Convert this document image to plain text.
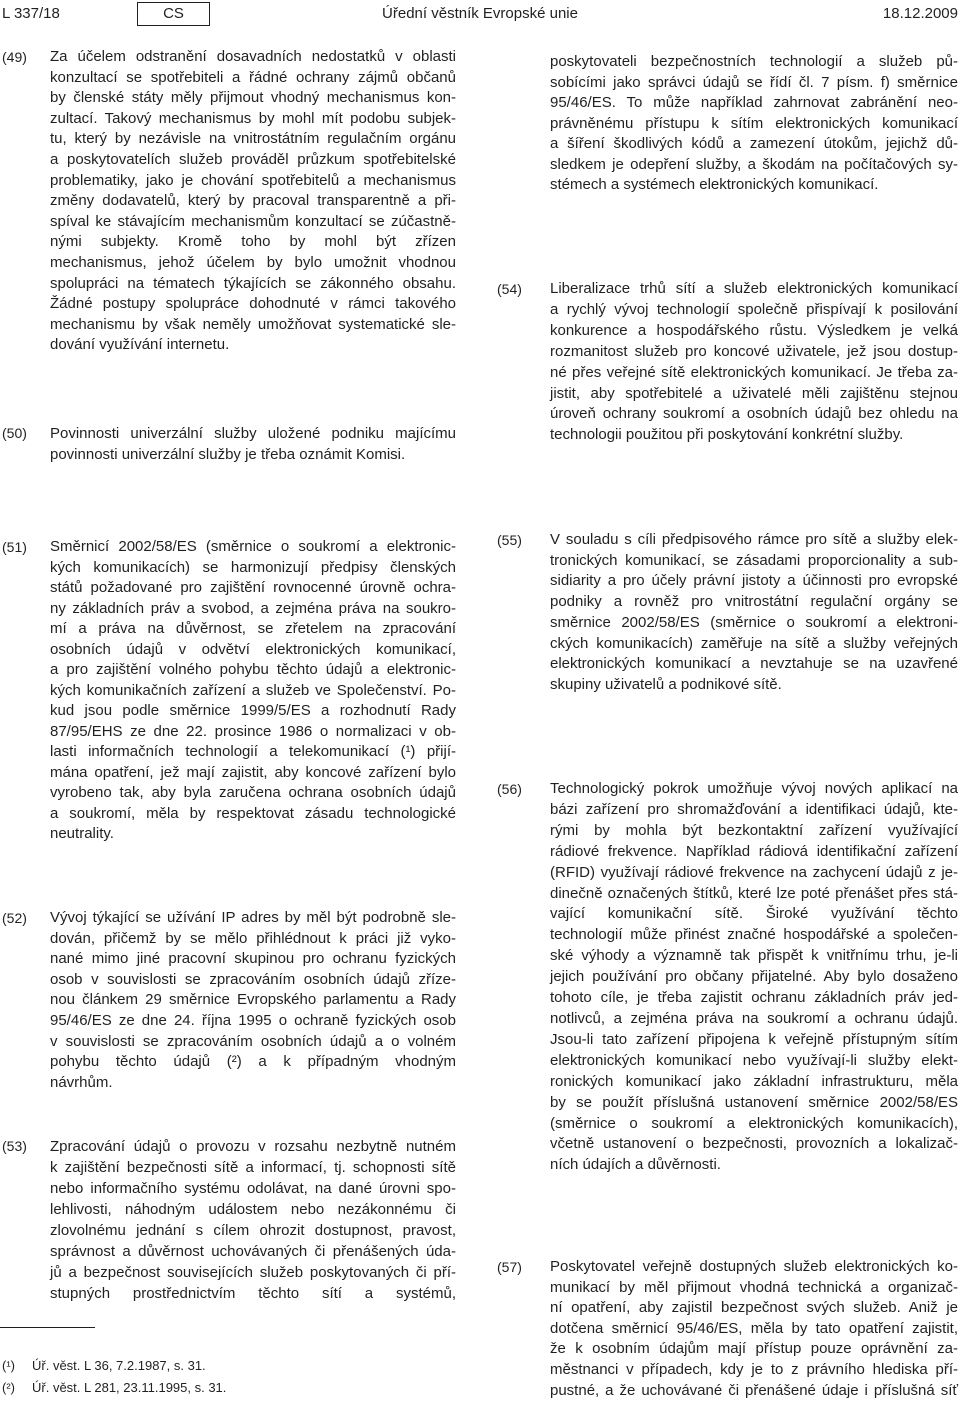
L 337/18	CS	Úřední věstník Evropské unie	18.12.2009
(49) Za účelem odstranění dosavadních nedostatků v oblasti
konzultací se spotřebiteli a řádné ochrany zájmů občanů
by členské státy měly přijmout vhodný mechanismus kon-
zultací. Takový mechanismus by mohl mít podobu subjek-
tu, který by nezávisle na vnitrostátním regulačním orgánu
a poskytovatelích služeb prováděl průzkum spotřebitelské
problematiky, jako je chování spotřebitelů a mechanismus
změny dodavatelů, který by pracoval transparentně a při-
spíval ke stávajícím mechanismům konzultací se zúčastně-
nými subjekty. Kromě toho by mohl být zřízen
mechanismus, jehož účelem by bylo umožnit vhodnou
spolupráci na tématech týkajících se zákonného obsahu.
Žádné postupy spolupráce dohodnuté v rámci takového
mechanismu by však neměly umožňovat systematické sle-
dování využívání internetu.
(50) Povinnosti univerzální služby uložené podniku majícímu
povinnosti univerzální služby je třeba oznámit Komisi.
poskytovateli bezpečnostních technologií a služeb pů-
sobícími jako správci údajů se řídí čl. 7 písm. f) směrnice
95/46/ES. To může například zahrnovat zabránění neo-
právněnému přístupu k sítím elektronických komunikací
a šíření škodlivých kódů a zamezení útokům, jejichž dů-
sledkem je odepření služby, a škodám na počítačových sy-
stémech a systémech elektronických komunikací.
(54) Liberalizace trhů sítí a služeb elektronických komunikací
a rychlý vývoj technologií společně přispívají k posilování
konkurence a hospodářského růstu. Výsledkem je velká
rozmanitost služeb pro koncové uživatele, jež jsou dostup-
né přes veřejné sítě elektronických komunikací. Je třeba za-
jistit, aby spotřebitelé a uživatelé měli zajištěnu stejnou
úroveň ochrany soukromí a osobních údajů bez ohledu na
technologii použitou při poskytování konkrétní služby.
(51) Směrnicí 2002/58/ES (směrnice o soukromí a elektronic-
kých komunikacích) se harmonizují předpisy členských
států požadované pro zajištění rovnocenné úrovně ochra-
ny základních práv a svobod, a zejména práva na soukro-
mí a práva na důvěrnost, se zřetelem na zpracování
osobních údajů v odvětví elektronických komunikací,
a pro zajištění volného pohybu těchto údajů a elektronic-
kých komunikačních zařízení a služeb ve Společenství. Po-
kud jsou podle směrnice 1999/5/ES a rozhodnutí Rady
87/95/EHS ze dne 22. prosince 1986 o normalizaci v ob-
lasti informačních technologií a telekomunikací (¹) přijí-
mána opatření, jež mají zajistit, aby koncové zařízení bylo
vyrobeno tak, aby byla zaručena ochrana osobních údajů
a soukromí, měla by respektovat zásadu technologické
neutrality.
(52) Vývoj týkající se užívání IP adres by měl být podrobně sle-
dován, přičemž by se mělo přihlédnout k práci již vyko-
nané mimo jiné pracovní skupinou pro ochranu fyzických
osob v souvislosti se zpracováním osobních údajů zříze-
nou článkem 29 směrnice Evropského parlamentu a Rady
95/46/ES ze dne 24. října 1995 o ochraně fyzických osob
v souvislosti se zpracováním osobních údajů a o volném
pohybu těchto údajů (²) a k případným vhodným
návrhům.
(53) Zpracování údajů o provozu v rozsahu nezbytně nutném
k zajištění bezpečnosti sítě a informací, tj. schopnosti sítě
nebo informačního systému odolávat, na dané úrovni spo-
lehlivosti, náhodným událostem nebo nezákonnému či
zlovolnému jednání s cílem ohrozit dostupnost, pravost,
správnost a důvěrnost uchovávaných či přenášených úda-
jů a bezpečnost souvisejících služeb poskytovaných či pří-
stupných prostřednictvím těchto sítí a systémů,
(55) V souladu s cíli předpisového rámce pro sítě a služby elek-
tronických komunikací, se zásadami proporcionality a sub-
sidiarity a pro účely právní jistoty a účinnosti pro evropské
podniky a rovněž pro vnitrostátní regulační orgány se
směrnice 2002/58/ES (směrnice o soukromí a elektroni-
ckých komunikacích) zaměřuje na sítě a služby veřejných
elektronických komunikací a nevztahuje se na uzavřené
skupiny uživatelů a podnikové sítě.
(56) Technologický pokrok umožňuje vývoj nových aplikací na
bázi zařízení pro shromažďování a identifikaci údajů, kte-
rými by mohla být bezkontaktní zařízení využívající
rádiové frekvence. Například rádiová identifikační zařízení
(RFID) využívají rádiové frekvence na zachycení údajů z je-
dinečně označených štítků, které lze poté přenášet přes stá-
vající komunikační sítě. Široké využívání těchto
technologií může přinést značné hospodářské a společen-
ské výhody a významně tak přispět k vnitřnímu trhu, je-li
jejich používání pro občany přijatelné. Aby bylo dosaženo
tohoto cíle, je třeba zajistit ochranu základních práv jed-
notlivců, a zejména práva na soukromí a ochranu údajů.
Jsou-li tato zařízení připojena k veřejně přístupným sítím
elektronických komunikací nebo využívají-li služby elekt-
ronických komunikací jako základní infrastrukturu, měla
by se použít příslušná ustanovení směrnice 2002/58/ES
(směrnice o soukromí a elektronických komunikacích),
včetně ustanovení o bezpečnosti, provozních a lokalizač-
ních údajích a důvěrnosti.
(57) Poskytovatel veřejně dostupných služeb elektronických ko-
munikací by měl přijmout vhodná technická a organizač-
ní opatření, aby zajistil bezpečnost svých služeb. Aniž je
dotčena směrnicí 95/46/ES, měla by tato opatření zajistit,
že k osobním údajům mají přístup pouze oprávnění za-
městnanci v případech, kdy je to z právního hlediska pří-
pustné, a že uchovávané či přenášené údaje i příslušná síť
(¹) Úř. věst. L 36, 7.2.1987, s. 31.
(²) Úř. věst. L 281, 23.11.1995, s. 31.
